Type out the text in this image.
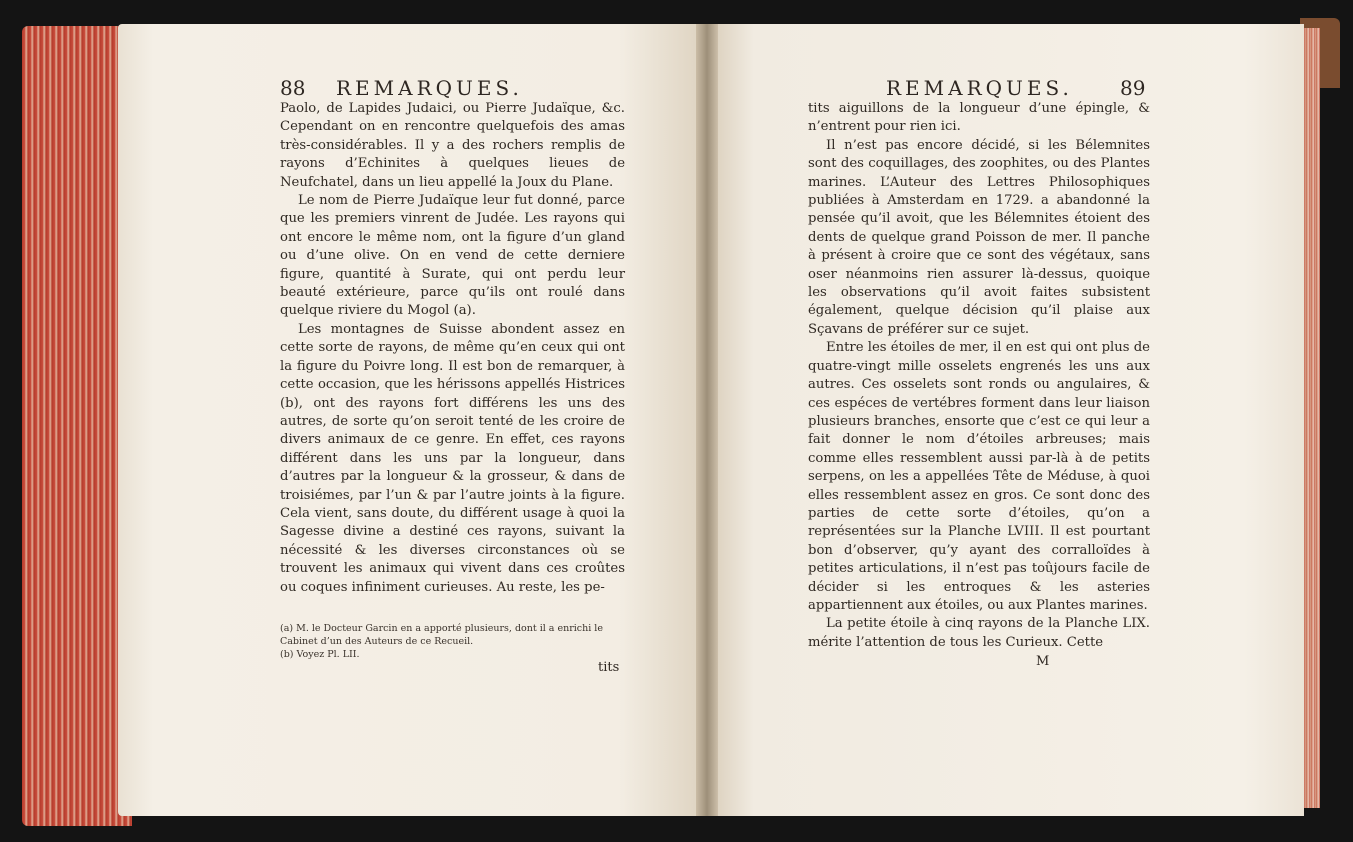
88 REMARQUES.

Paolo, de Lapides Judaici, ou Pierre Judaïque, &c. Cependant on en rencontre quelquefois des amas très-considérables. Il y a des rochers remplis de rayons d’Echinites à quelques lieues de Neufchatel, dans un lieu appellé la Joux du Plane.

Le nom de Pierre Judaïque leur fut donné, parce que les premiers vinrent de Judée. Les rayons qui ont encore le même nom, ont la figure d’un gland ou d’une olive. On en vend de cette derniere figure, quantité à Surate, qui ont perdu leur beauté extérieure, parce qu’ils ont roulé dans quelque riviere du Mogol (a).

Les montagnes de Suisse abondent assez en cette sorte de rayons, de même qu’en ceux qui ont la figure du Poivre long. Il est bon de remarquer, à cette occasion, que les hérissons appellés Histrices (b), ont des rayons fort différens les uns des autres, de sorte qu’on seroit tenté de les croire de divers animaux de ce genre. En effet, ces rayons différent dans les uns par la longueur, dans d’autres par la longueur & la grosseur, & dans de troisiémes, par l’un & par l’autre joints à la figure. Cela vient, sans doute, du différent usage à quoi la Sagesse divine a destiné ces rayons, suivant la nécessité & les diverses circonstances où se trouvent les animaux qui vivent dans ces croûtes ou coques infiniment curieuses. Au reste, les pe-

(a) M. le Docteur Garcin en a apporté plusieurs, dont il a enrichi le Cabinet d’un des Auteurs de ce Recueil.

(b) Voyez Pl. LII.

tits
REMARQUES. 89

tits aiguillons de la longueur d’une épingle, & n’entrent pour rien ici.

Il n’est pas encore décidé, si les Bélemnites sont des coquillages, des zoophites, ou des Plantes marines. L’Auteur des Lettres Philosophiques publiées à Amsterdam en 1729. a abandonné la pensée qu’il avoit, que les Bélemnites étoient des dents de quelque grand Poisson de mer. Il panche à présent à croire que ce sont des végétaux, sans oser néanmoins rien assurer là-dessus, quoique les observations qu’il avoit faites subsistent également, quelque décision qu’il plaise aux Sçavans de préférer sur ce sujet.

Entre les étoiles de mer, il en est qui ont plus de quatre-vingt mille osselets engrenés les uns aux autres. Ces osselets sont ronds ou angulaires, & ces espéces de vertébres forment dans leur liaison plusieurs branches, ensorte que c’est ce qui leur a fait donner le nom d’étoiles arbreuses; mais comme elles ressemblent aussi par-là à de petits serpens, on les a appellées Tête de Méduse, à quoi elles ressemblent assez en gros. Ce sont donc des parties de cette sorte d’étoiles, qu’on a représentées sur la Planche LVIII. Il est pourtant bon d’observer, qu’y ayant des corralloïdes à petites articulations, il n’est pas toûjours facile de décider si les entroques & les asteries appartiennent aux étoiles, ou aux Plantes marines.

La petite étoile à cinq rayons de la Planche LIX. mérite l’attention de tous les Curieux. Cette

M
